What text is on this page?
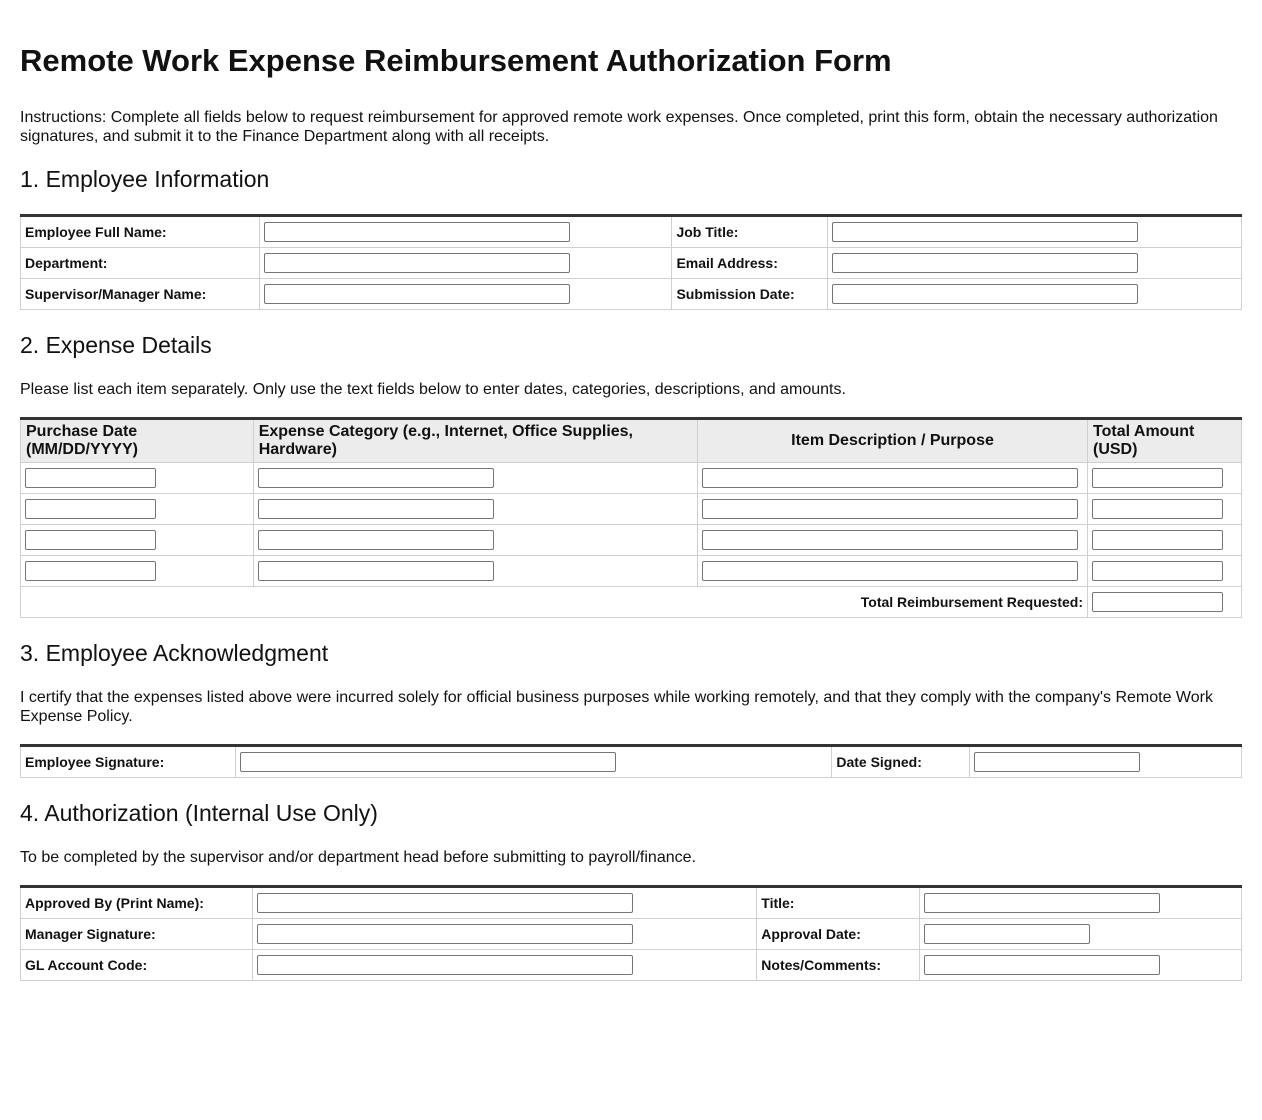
Remote Work Expense Reimbursement Authorization Form

Instructions: Complete all fields below to request reimbursement for approved remote work expenses. Once completed, print this form, obtain the necessary authorization signatures, and submit it to the Finance Department along with all receipts.

1. Employee Information
Employee Full Name:		Job Title:	

Department:		Email Address:	

Supervisor/Manager Name:		Submission Date:	
2. Expense Details

Please list each item separately. Only use the text fields below to enter dates, categories, descriptions, and amounts.

Purchase Date (MM/DD/YYYY)	Expense Category (e.g., Internet, Office Supplies, Hardware)	Item Description / Purpose	Total Amount (USD)

Total Reimbursement Requested:	
3. Employee Acknowledgment

I certify that the expenses listed above were incurred solely for official business purposes while working remotely, and that they comply with the company's Remote Work Expense Policy.

Employee Signature:		Date Signed:	
4. Authorization (Internal Use Only)

To be completed by the supervisor and/or department head before submitting to payroll/finance.

Approved By (Print Name):		Title:	

Manager Signature:		Approval Date:	

GL Account Code:		Notes/Comments:	
